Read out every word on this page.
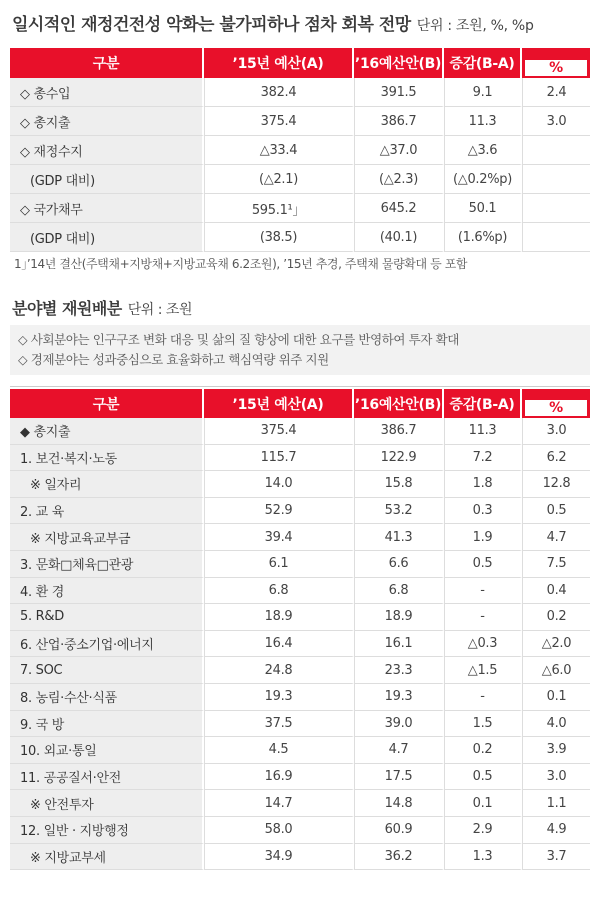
일시적인 재정건전성 악화는 불가피하나 점차 회복 전망 단위 : 조원, %, %p
구분	’15년 예산(A)	’16예산안(B)	증감(B-A)	%
◇ 총수입	382.4	391.5	9.1	2.4
◇ 총지출	375.4	386.7	11.3	3.0
◇ 재정수지	△33.4	△37.0	△3.6	
(GDP 대비)	(△2.1)	(△2.3)	(△0.2%p)	
◇ 국가채무	595.1¹」	645.2	50.1	
(GDP 대비)	(38.5)	(40.1)	(1.6%p)	
1」’14년 결산(주택채+지방채+지방교육채 6.2조원), ’15년 추경, 주택채 물량확대 등 포함
분야별 재원배분 단위 : 조원
◇ 사회분야는 인구구조 변화 대응 및 삶의 질 향상에 대한 요구를 반영하여 투자 확대
◇ 경제분야는 성과중심으로 효율화하고 핵심역량 위주 지원
구분	’15년 예산(A)	’16예산안(B)	증감(B-A)	%
◆ 총지출	375.4	386.7	11.3	3.0
1. 보건·복지·노동	115.7	122.9	7.2	6.2
※ 일자리	14.0	15.8	1.8	12.8
2. 교 육	52.9	53.2	0.3	0.5
※ 지방교육교부금	39.4	41.3	1.9	4.7
3. 문화□체육□관광	6.1	6.6	0.5	7.5
4. 환 경	6.8	6.8	-	0.4
5. R&D	18.9	18.9	-	0.2
6. 산업·중소기업·에너지	16.4	16.1	△0.3	△2.0
7. SOC	24.8	23.3	△1.5	△6.0
8. 농림·수산·식품	19.3	19.3	-	0.1
9. 국 방	37.5	39.0	1.5	4.0
10. 외교·통일	4.5	4.7	0.2	3.9
11. 공공질서·안전	16.9	17.5	0.5	3.0
※ 안전투자	14.7	14.8	0.1	1.1
12. 일반 · 지방행정	58.0	60.9	2.9	4.9
※ 지방교부세	34.9	36.2	1.3	3.7
